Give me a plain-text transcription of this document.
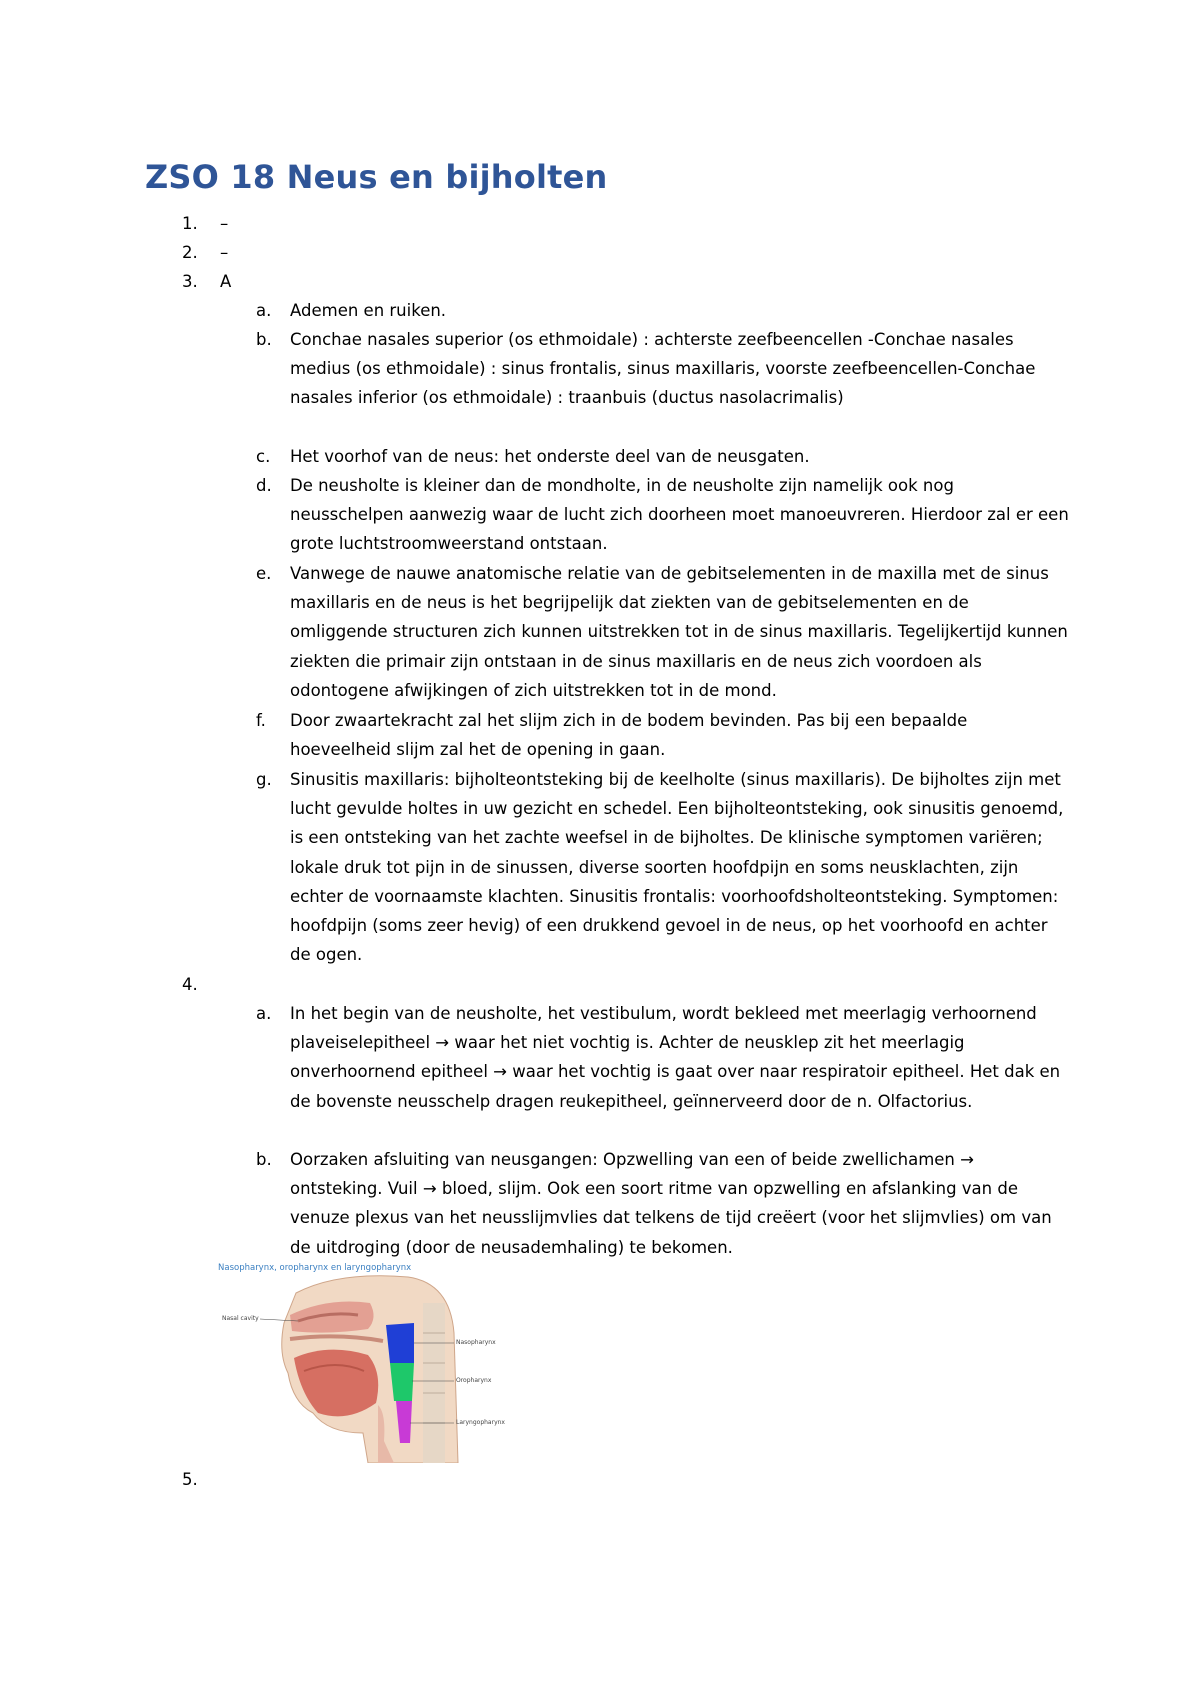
ZSO 18 Neus en bijholten
1. –
2. –
3. A
a. Ademen en ruiken.

b. Conchae nasales superior (os ethmoidale) : achterste zeefbeencellen -Conchae nasales medius (os ethmoidale) : sinus frontalis, sinus maxillaris, voorste zeefbeencellen-Conchae nasales inferior (os ethmoidale) : traanbuis (ductus nasolacrimalis)

c. Het voorhof van de neus: het onderste deel van de neusgaten.

d. De neusholte is kleiner dan de mondholte, in de neusholte zijn namelijk ook nog neusschelpen aanwezig waar de lucht zich doorheen moet manoeuvreren. Hierdoor zal er een grote luchtstroomweerstand ontstaan.

e. Vanwege de nauwe anatomische relatie van de gebitselementen in de maxilla met de sinus maxillaris en de neus is het begrijpelijk dat ziekten van de gebitselementen en de omliggende structuren zich kunnen uitstrekken tot in de sinus maxillaris. Tegelijkertijd kunnen ziekten die primair zijn ontstaan in de sinus maxillaris en de neus zich voordoen als odontogene afwijkingen of zich uitstrekken tot in de mond.

f. Door zwaartekracht zal het slijm zich in de bodem bevinden. Pas bij een bepaalde hoeveelheid slijm zal het de opening in gaan.

g. Sinusitis maxillaris: bijholteontsteking bij de keelholte (sinus maxillaris). De bijholtes zijn met lucht gevulde holtes in uw gezicht en schedel. Een bijholteontsteking, ook sinusitis genoemd, is een ontsteking van het zachte weefsel in de bijholtes. De klinische symptomen variëren; lokale druk tot pijn in de sinussen, diverse soorten hoofdpijn en soms neusklachten, zijn echter de voornaamste klachten. Sinusitis frontalis: voorhoofdsholteontsteking. Symptomen: hoofdpijn (soms zeer hevig) of een drukkend gevoel in de neus, op het voorhoofd en achter de ogen.

4.
a. In het begin van de neusholte, het vestibulum, wordt bekleed met meerlagig verhoornend plaveiselepitheel → waar het niet vochtig is. Achter de neusklep zit het meerlagig onverhoornend epitheel → waar het vochtig is gaat over naar respiratoir epitheel. Het dak en de bovenste neusschelp dragen reukepitheel, geïnnerveerd door de n. Olfactorius.

b. Oorzaken afsluiting van neusgangen: Opzwelling van een of beide zwellichamen → ontsteking. Vuil → bloed, slijm. Ook een soort ritme van opzwelling en afslanking van de venuze plexus van het neusslijmvlies dat telkens de tijd creëert (voor het slijmvlies) om van de uitdroging (door de neusademhaling) te bekomen.

Nasopharynx, oropharynx en laryngopharynx
Nasal cavity
Nasopharynx
Oropharynx
Laryngopharynx
5.
